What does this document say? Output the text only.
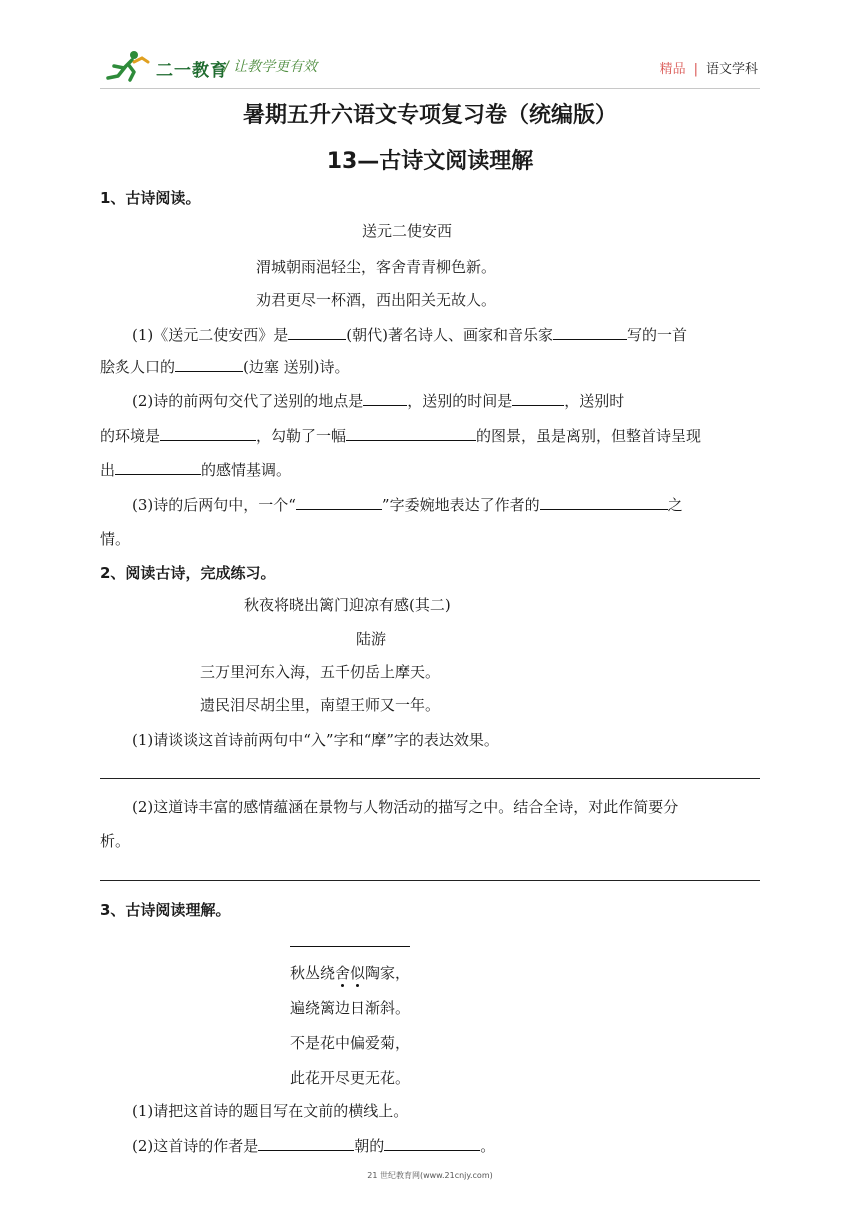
二一教育
/ 让教学更有效	精品 | 语文学科
暑期五升六语文专项复习卷（统编版）
13—古诗文阅读理解
1、古诗阅读。
送元二使安西
渭城朝雨浥轻尘，客舍青青柳色新。
劝君更尽一杯酒，西出阳关无故人。
(1)《送元二使安西》是	(朝代)著名诗人、画家和音乐家	写的一首
脍炙人口的	(边塞 送别)诗。
(2)诗的前两句交代了送别的地点是	，送别的时间是	，送别时
的环境是	，勾勒了一幅	的图景，虽是离别，但整首诗呈现
出	的感情基调。
(3)诗的后两句中，一个“	”字委婉地表达了作者的	之
情。
2、阅读古诗，完成练习。
秋夜将晓出篱门迎凉有感(其二)
陆游
三万里河东入海，五千仞岳上摩天。
遗民泪尽胡尘里，南望王师又一年。
(1)请谈谈这首诗前两句中“入”字和“摩”字的表达效果。
(2)这道诗丰富的感情蕴涵在景物与人物活动的描写之中。结合全诗，对此作简要分
析。
3、古诗阅读理解。
秋丛绕舍似陶家，
遍绕篱边日渐斜。
不是花中偏爱菊，
此花开尽更无花。
(1)请把这首诗的题目写在文前的横线上。
(2)这首诗的作者是	朝的	。
21 世纪教育网(www.21cnjy.com)
